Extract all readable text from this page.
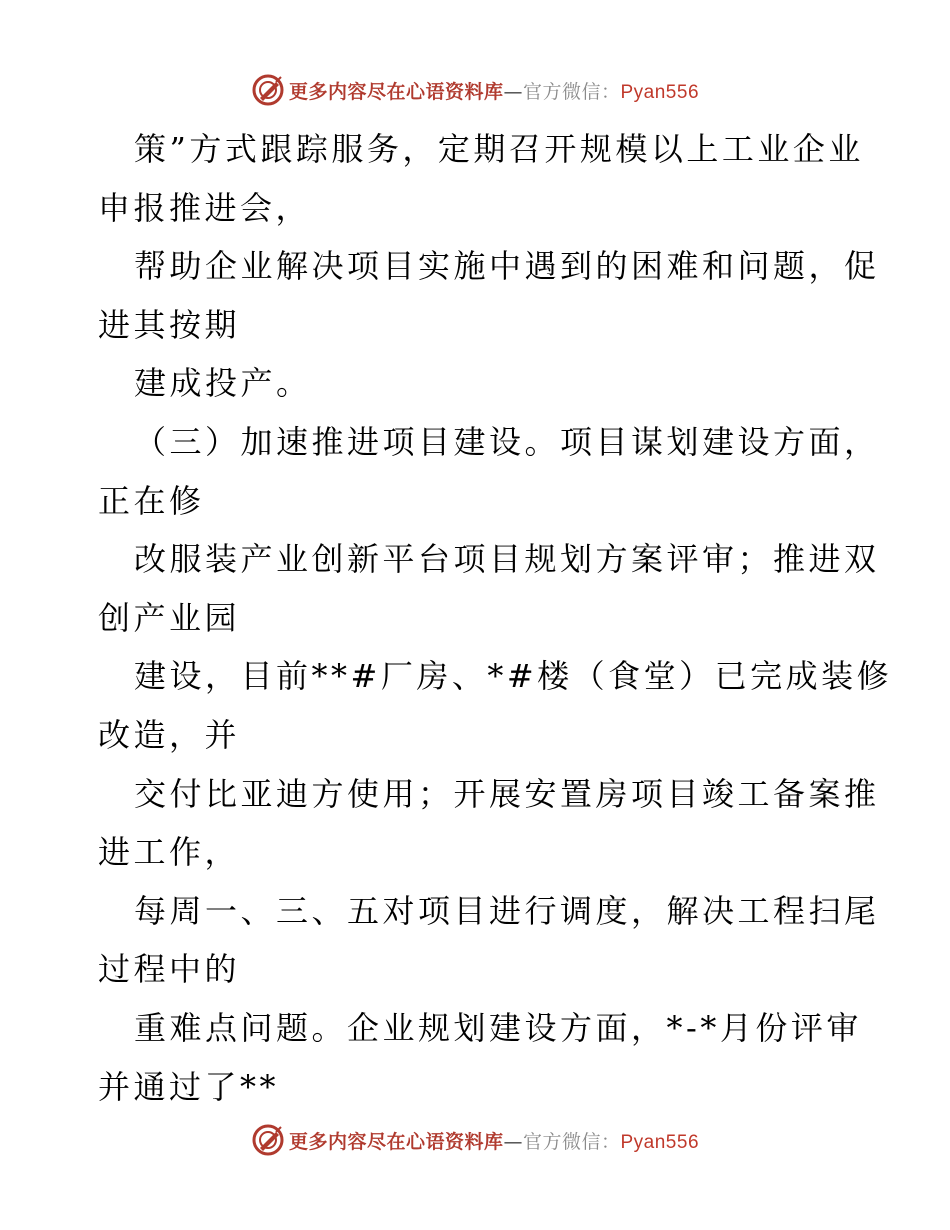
更多内容尽在心语资料库—官方微信：Pyan556
策”方式跟踪服务，定期召开规模以上工业企业
申报推进会，
帮助企业解决项目实施中遇到的困难和问题，促
进其按期
建成投产。
（三）加速推进项目建设。项目谋划建设方面，
正在修
改服装产业创新平台项目规划方案评审；推进双
创产业园
建设，目前**#厂房、*#楼（食堂）已完成装修
改造，并
交付比亚迪方使用；开展安置房项目竣工备案推
进工作，
每周一、三、五对项目进行调度，解决工程扫尾
过程中的
重难点问题。企业规划建设方面，*-*月份评审
并通过了**
更多内容尽在心语资料库—官方微信：Pyan556
